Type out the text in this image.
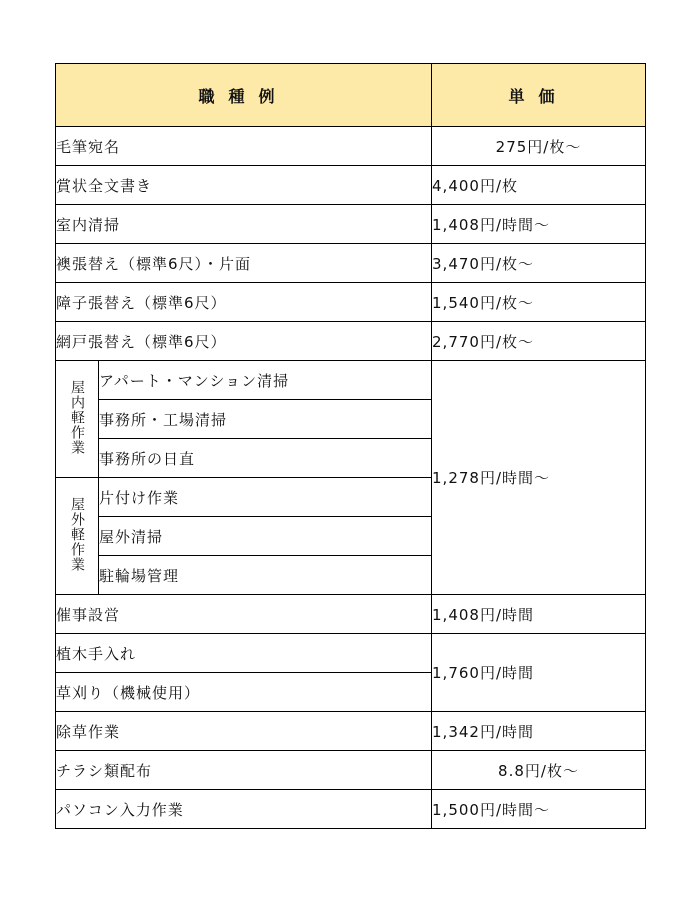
職種例		単価
毛筆宛名		275円/枚～
賞状全文書き		4,400円/枚
室内清掃		1,408円/時間～
襖張替え（標準6尺）・片面		3,470円/枚～
障子張替え（標準6尺）		1,540円/枚～
網戸張替え（標準6尺）		2,770円/枚～
屋内軽作業	アパート・マンション清掃	1,278円/時間～
	事務所・工場清掃	
	事務所の日直	
屋外軽作業	片付け作業	
	屋外清掃	
	駐輪場管理	
催事設営		1,408円/時間
植木手入れ		1,760円/時間
草刈り（機械使用）		
除草作業		1,342円/時間
チラシ類配布		8.8円/枚～
パソコン入力作業		1,500円/時間～
